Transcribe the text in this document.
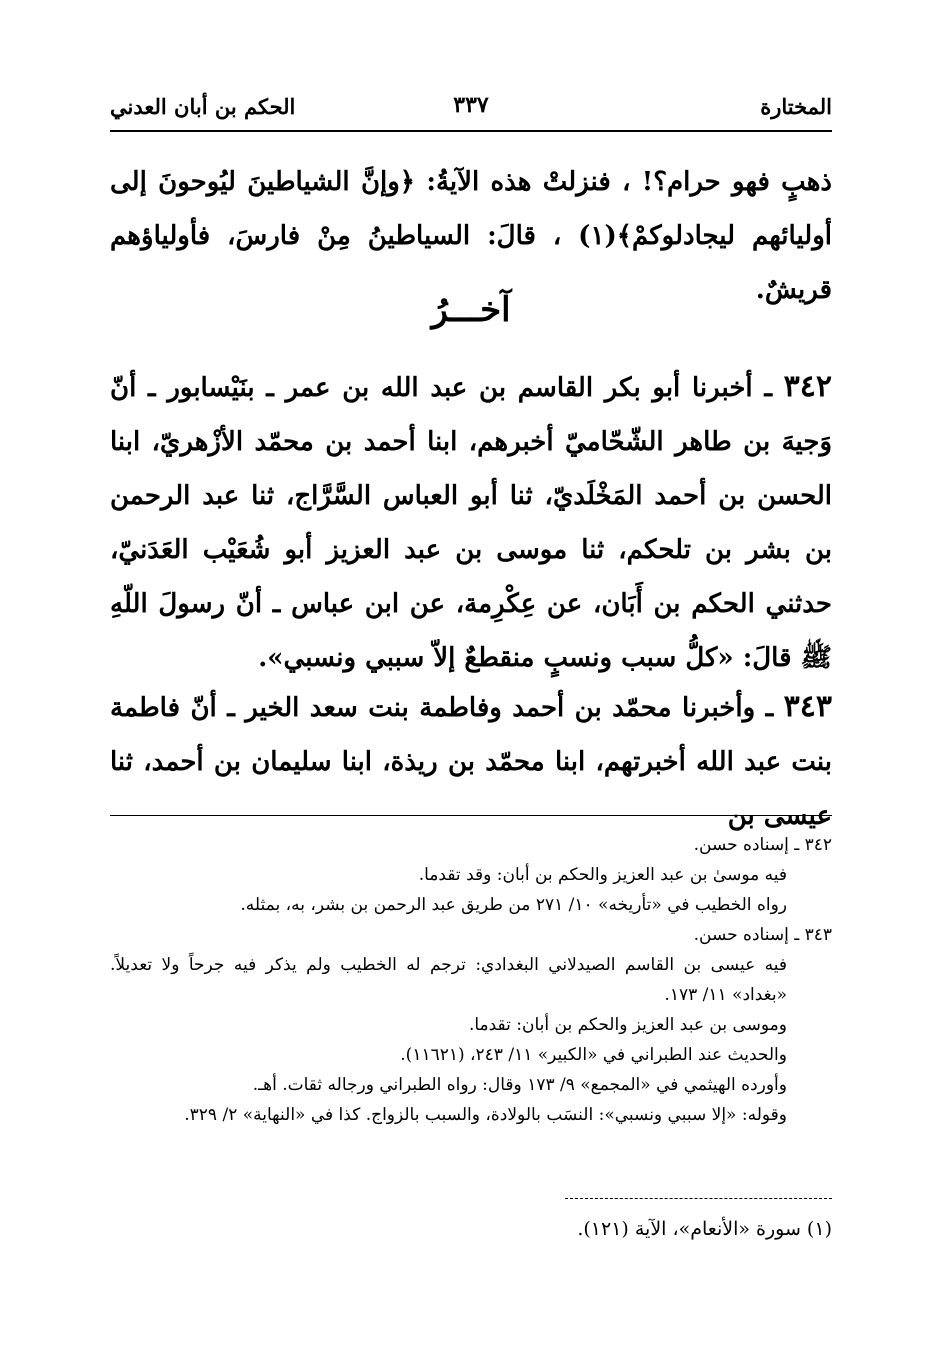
المختارة
٣٣٧
الحكم بن أبان العدني
ذهبٍ فهو حرام؟! ، فنزلتْ هذه الآيةُ: ﴿وإنَّ الشياطينَ ليُوحونَ إلى أوليائهم ليجادلوكمْ﴾(١) ، قالَ: السياطينُ مِنْ فارسَ، فأولياؤهم قريشٌ.
آخـــرُ
٣٤٢ ـ أخبرنا أبو بكر القاسم بن عبد الله بن عمر ـ بنَيْسابور ـ أنّ وَجيهَ بن طاهر الشّحّاميّ أخبرهم، ابنا أحمد بن محمّد الأزْهريّ، ابنا الحسن بن أحمد المَخْلَديّ، ثنا أبو العباس السَّرَّاج، ثنا عبد الرحمن بن بشر بن تلحكم، ثنا موسى بن عبد العزيز أبو شُعَيْب العَدَنيّ، حدثني الحكم بن أَبَان، عن عِكْرِمة، عن ابن عباس ـ أنّ رسولَ اللّهِ ﷺ قالَ: «كلُّ سبب ونسبٍ منقطعٌ إلاّ سببي ونسبي».
٣٤٣ ـ وأخبرنا محمّد بن أحمد وفاطمة بنت سعد الخير ـ أنّ فاطمة بنت عبد الله أخبرتهم، ابنا محمّد بن ريذة، ابنا سليمان بن أحمد، ثنا عيسى بن
٣٤٢ ـ إسناده حسن.
فيه موسىٰ بن عبد العزيز والحكم بن أبان: وقد تقدما.
رواه الخطيب في «تأريخه» ١٠/ ٢٧١ من طريق عبد الرحمن بن بشر، به، بمثله.
٣٤٣ ـ إسناده حسن.
فيه عيسى بن القاسم الصيدلاني البغدادي: ترجم له الخطيب ولم يذكر فيه جرحاً ولا تعديلاً. «بغداد» ١١/ ١٧٣.
وموسى بن عبد العزيز والحكم بن أبان: تقدما.
والحديث عند الطبراني في «الكبير» ١١/ ٢٤٣، (١١٦٢١).
وأورده الهيثمي في «المجمع» ٩/ ١٧٣ وقال: رواه الطبراني ورجاله ثقات. أهـ.
وقوله: «إلا سببي ونسبي»: النسَب بالولادة، والسبب بالزواج. كذا في «النهاية» ٢/ ٣٢٩.
(١) سورة «الأنعام»، الآية (١٢١).
